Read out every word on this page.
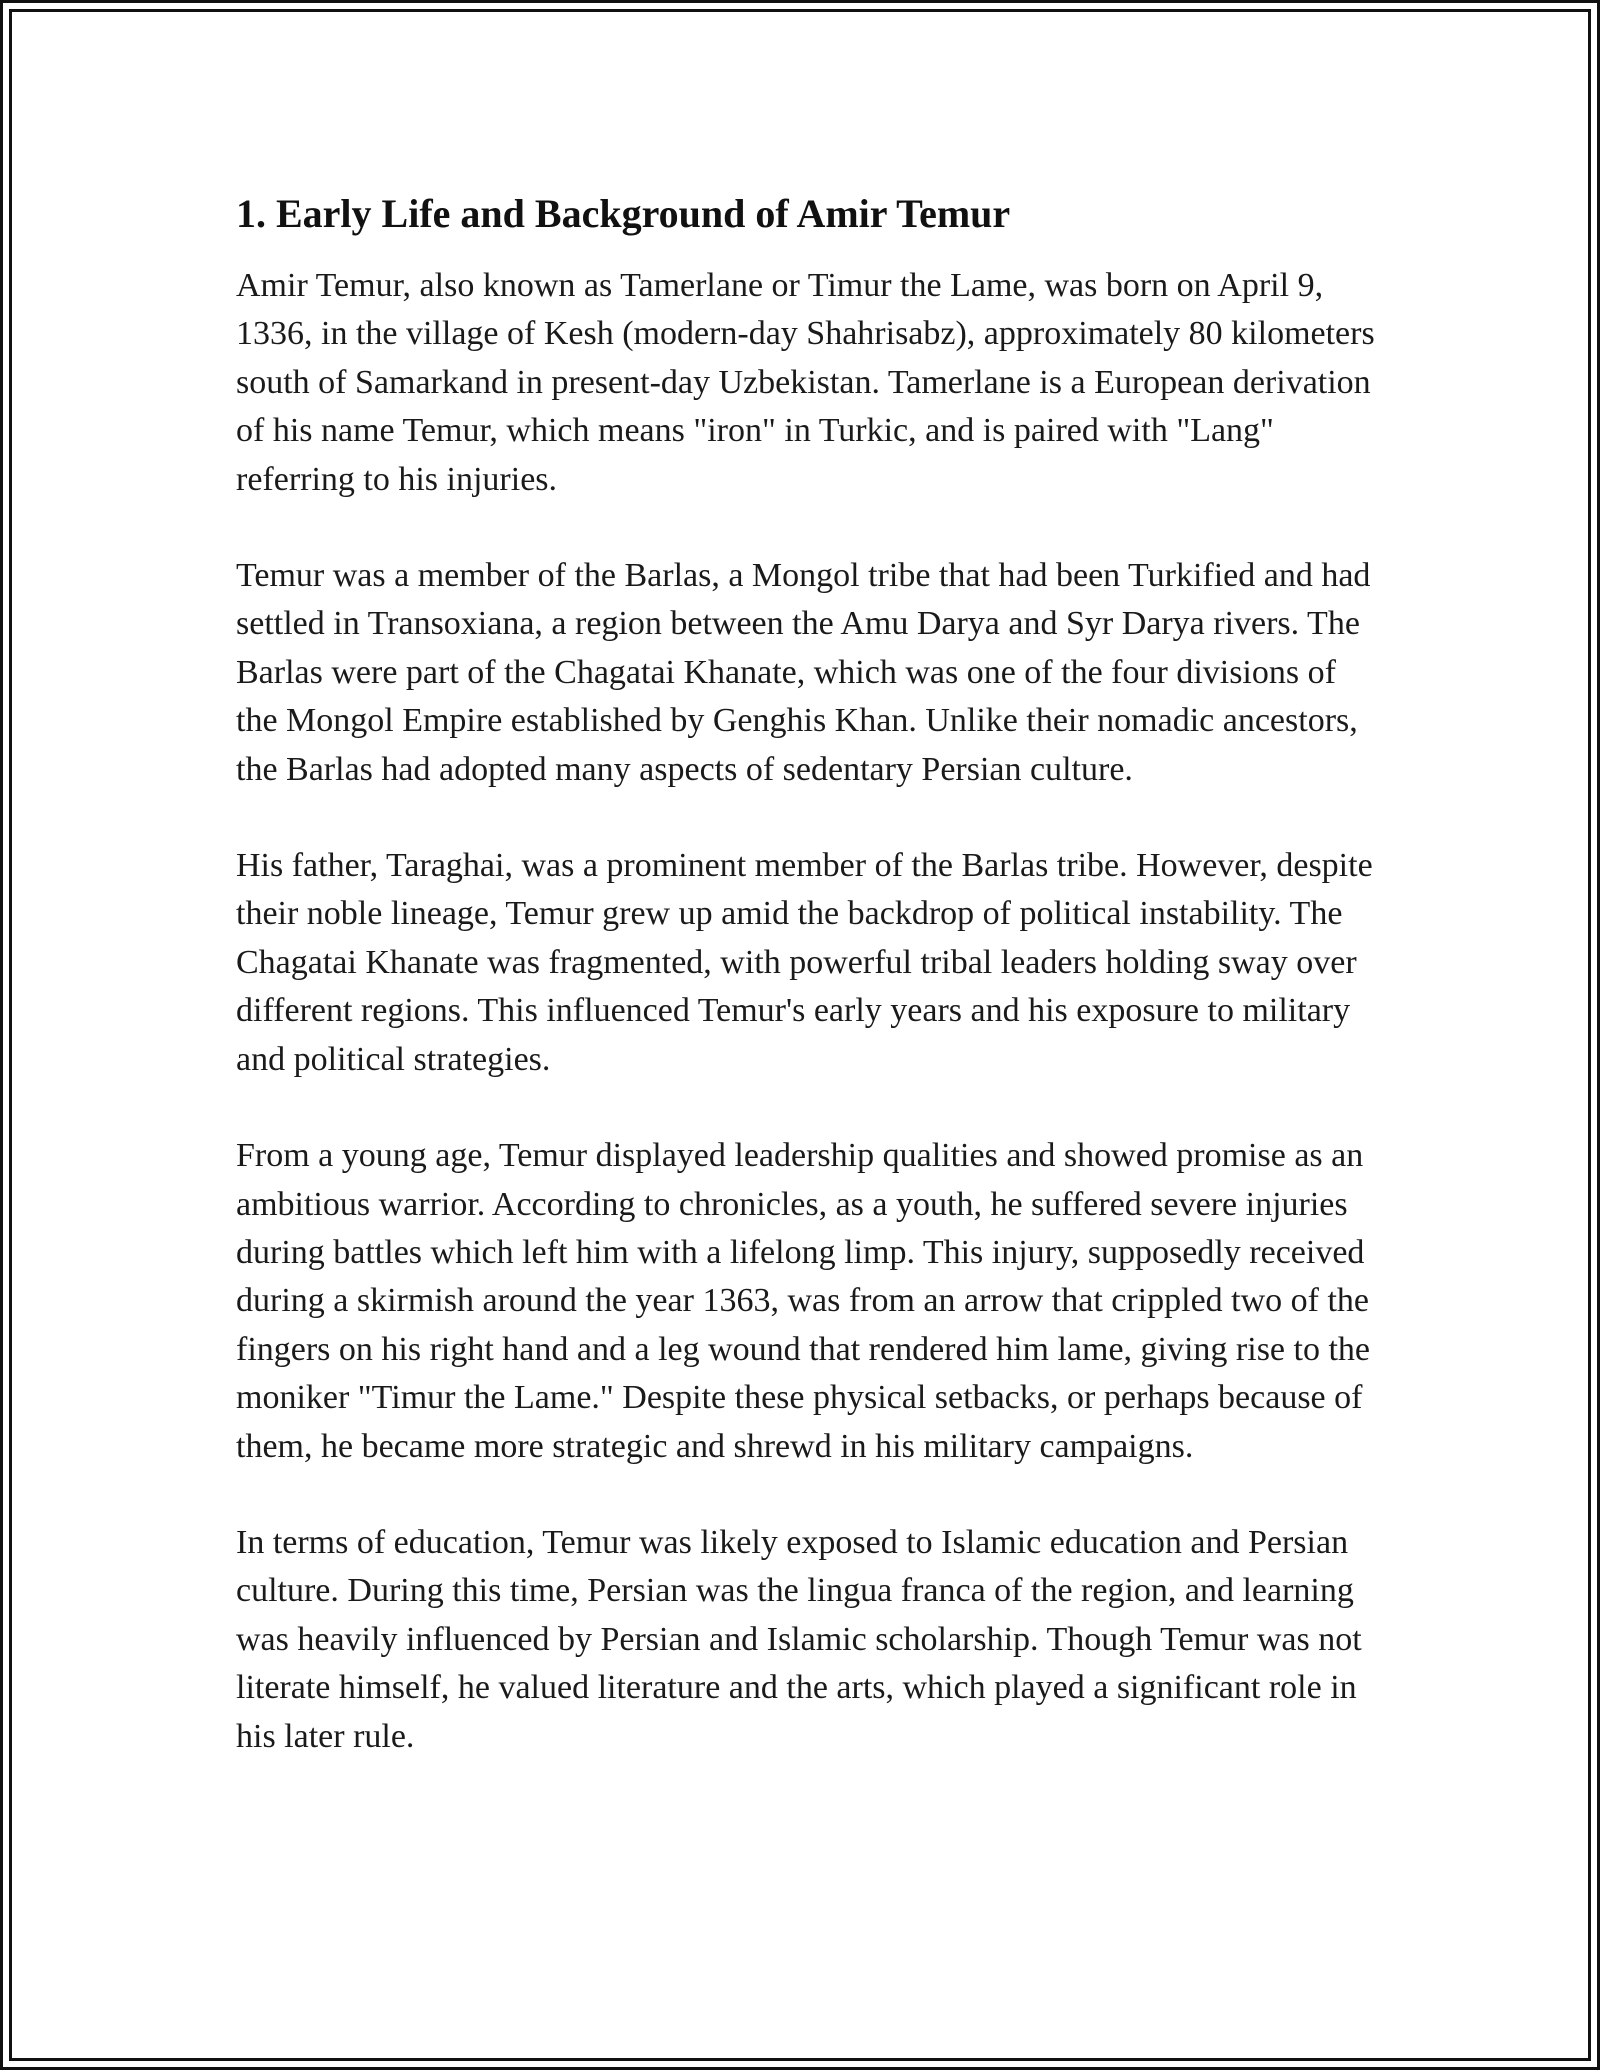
1. Early Life and Background of Amir Temur

Amir Temur, also known as Tamerlane or Timur the Lame, was born on April 9, 1336, in the village of Kesh (modern-day Shahrisabz), approximately 80 kilometers south of Samarkand in present-day Uzbekistan. Tamerlane is a European derivation of his name Temur, which means "iron" in Turkic, and is paired with "Lang" referring to his injuries.

Temur was a member of the Barlas, a Mongol tribe that had been Turkified and had settled in Transoxiana, a region between the Amu Darya and Syr Darya rivers. The Barlas were part of the Chagatai Khanate, which was one of the four divisions of the Mongol Empire established by Genghis Khan. Unlike their nomadic ancestors, the Barlas had adopted many aspects of sedentary Persian culture.

His father, Taraghai, was a prominent member of the Barlas tribe. However, despite their noble lineage, Temur grew up amid the backdrop of political instability. The Chagatai Khanate was fragmented, with powerful tribal leaders holding sway over different regions. This influenced Temur's early years and his exposure to military and political strategies.

From a young age, Temur displayed leadership qualities and showed promise as an ambitious warrior. According to chronicles, as a youth, he suffered severe injuries during battles which left him with a lifelong limp. This injury, supposedly received during a skirmish around the year 1363, was from an arrow that crippled two of the fingers on his right hand and a leg wound that rendered him lame, giving rise to the moniker "Timur the Lame." Despite these physical setbacks, or perhaps because of them, he became more strategic and shrewd in his military campaigns.

In terms of education, Temur was likely exposed to Islamic education and Persian culture. During this time, Persian was the lingua franca of the region, and learning was heavily influenced by Persian and Islamic scholarship. Though Temur was not literate himself, he valued literature and the arts, which played a significant role in his later rule.
